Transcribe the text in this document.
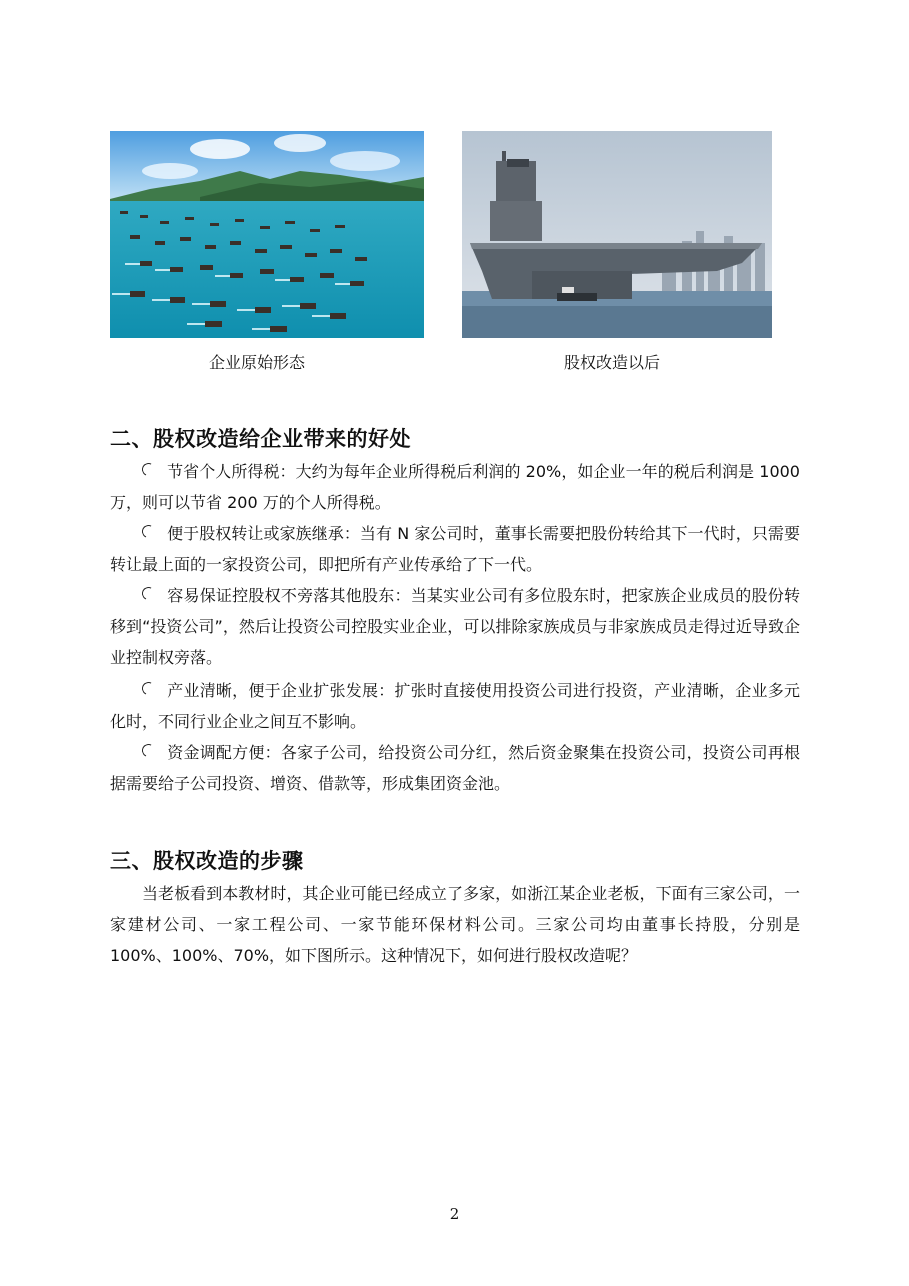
企业原始形态	股权改造以后
二、股权改造给企业带来的好处
节省个人所得税：大约为每年企业所得税后利润的 20%，如企业一年的税后利润是 1000 万，则可以节省 200 万的个人所得税。
便于股权转让或家族继承：当有 N 家公司时，董事长需要把股份转给其下一代时，只需要转让最上面的一家投资公司，即把所有产业传承给了下一代。
容易保证控股权不旁落其他股东：当某实业公司有多位股东时，把家族企业成员的股份转移到“投资公司”，然后让投资公司控股实业企业，可以排除家族成员与非家族成员走得过近导致企业控制权旁落。
产业清晰，便于企业扩张发展：扩张时直接使用投资公司进行投资，产业清晰，企业多元化时，不同行业企业之间互不影响。
资金调配方便：各家子公司，给投资公司分红，然后资金聚集在投资公司，投资公司再根据需要给子公司投资、增资、借款等，形成集团资金池。
三、股权改造的步骤
当老板看到本教材时，其企业可能已经成立了多家，如浙江某企业老板，下面有三家公司，一家建材公司、一家工程公司、一家节能环保材料公司。三家公司均由董事长持股，分别是 100%、100%、70%，如下图所示。这种情况下，如何进行股权改造呢？
2
